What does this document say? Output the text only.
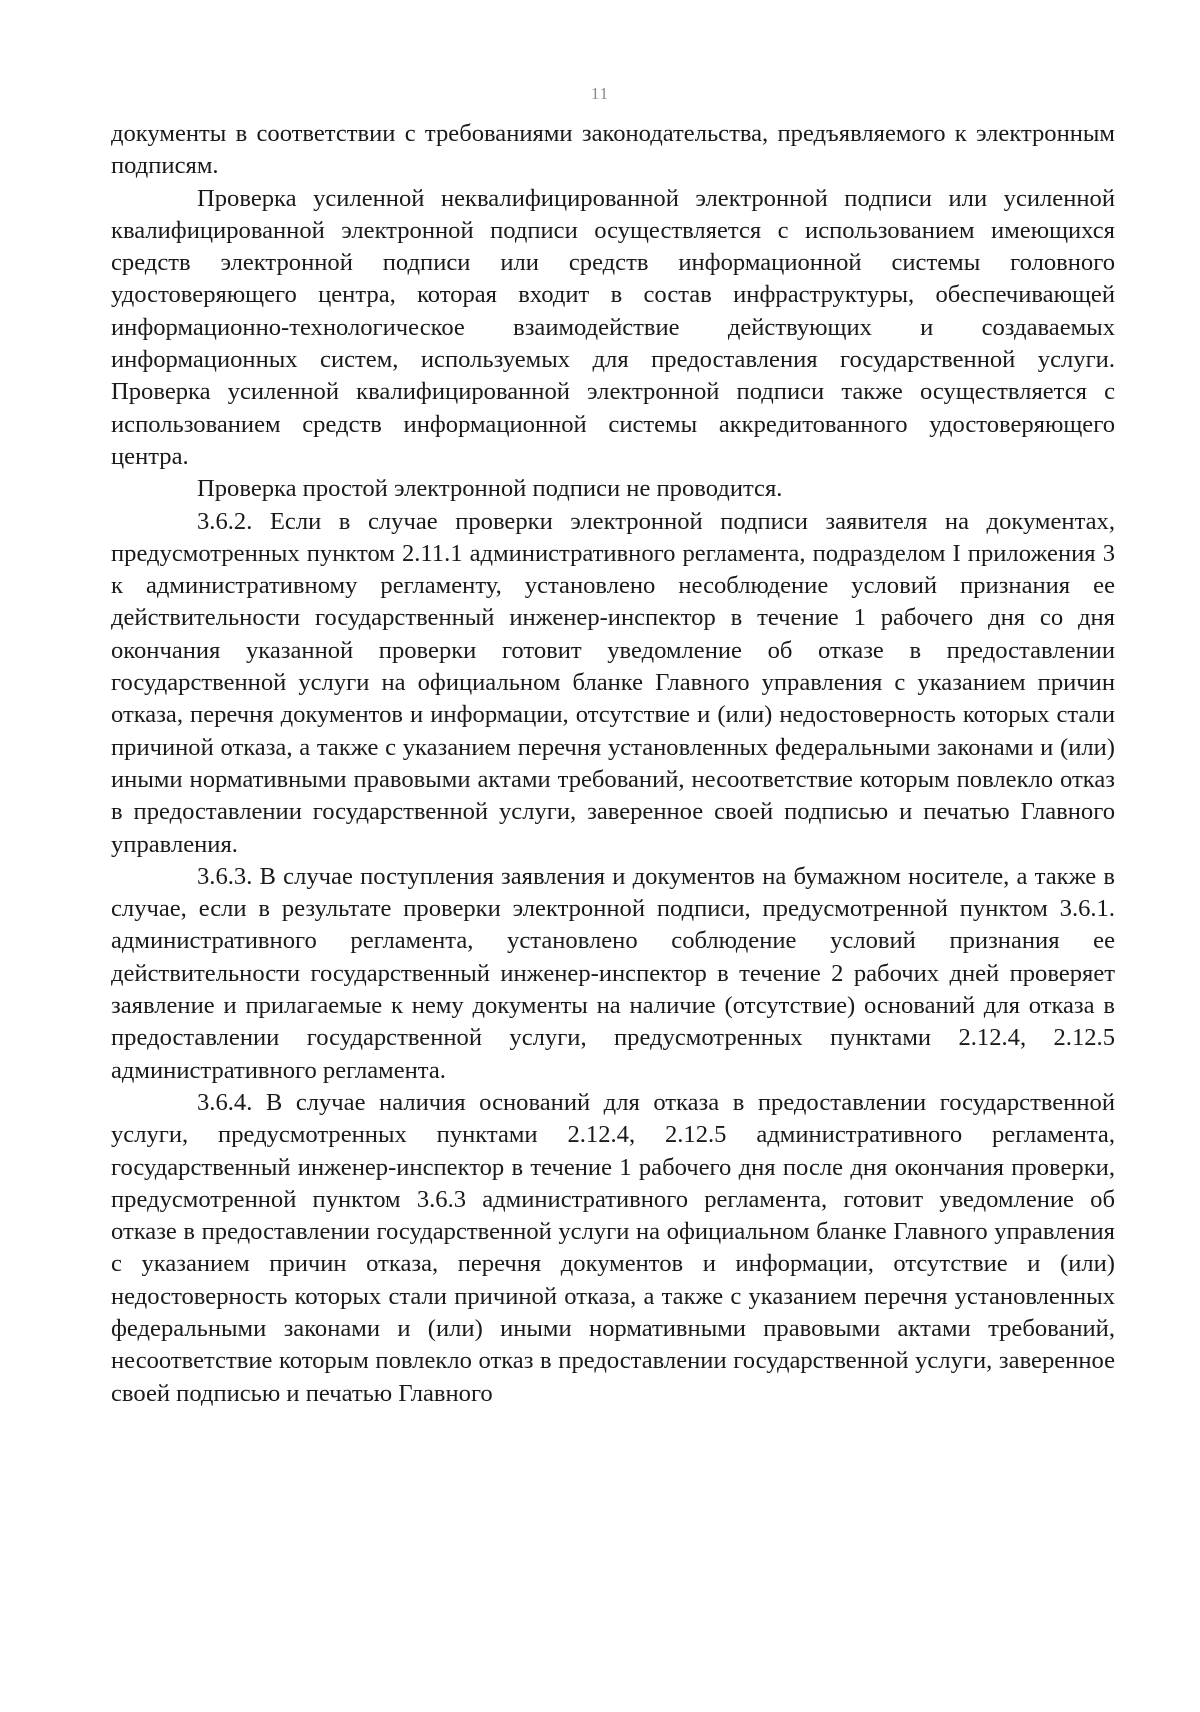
11

документы в соответствии с требованиями законодательства, предъявляемого к электронным подписям.

Проверка усиленной неквалифицированной электронной подписи или усиленной квалифицированной электронной подписи осуществляется с использованием имеющихся средств электронной подписи или средств информационной системы головного удостоверяющего центра, которая входит в состав инфраструктуры, обеспечивающей информационно-технологическое взаимодействие действующих и создаваемых информационных систем, используемых для предоставления государственной услуги. Проверка усиленной квалифицированной электронной подписи также осуществляется с использованием средств информационной системы аккредитованного удостоверяющего центра.

Проверка простой электронной подписи не проводится.

3.6.2. Если в случае проверки электронной подписи заявителя на документах, предусмотренных пунктом 2.11.1 административного регламента, подразделом I приложения 3 к административному регламенту, установлено несоблюдение условий признания ее действительности государственный инженер-инспектор в течение 1 рабочего дня со дня окончания указанной проверки готовит уведомление об отказе в предоставлении государственной услуги на официальном бланке Главного управления с указанием причин отказа, перечня документов и информации, отсутствие и (или) недостоверность которых стали причиной отказа, а также с указанием перечня установленных федеральными законами и (или) иными нормативными правовыми актами требований, несоответствие которым повлекло отказ в предоставлении государственной услуги, заверенное своей подписью и печатью Главного управления.

3.6.3. В случае поступления заявления и документов на бумажном носителе, а также в случае, если в результате проверки электронной подписи, предусмотренной пунктом 3.6.1. административного регламента, установлено соблюдение условий признания ее действительности государственный инженер-инспектор в течение 2 рабочих дней проверяет заявление и прилагаемые к нему документы на наличие (отсутствие) оснований для отказа в предоставлении государственной услуги, предусмотренных пунктами 2.12.4, 2.12.5 административного регламента.

3.6.4. В случае наличия оснований для отказа в предоставлении государственной услуги, предусмотренных пунктами 2.12.4, 2.12.5 административного регламента, государственный инженер-инспектор в течение 1 рабочего дня после дня окончания проверки, предусмотренной пунктом 3.6.3 административного регламента, готовит уведомление об отказе в предоставлении государственной услуги на официальном бланке Главного управления с указанием причин отказа, перечня документов и информации, отсутствие и (или) недостоверность которых стали причиной отказа, а также с указанием перечня установленных федеральными законами и (или) иными нормативными правовыми актами требований, несоответствие которым повлекло отказ в предоставлении государственной услуги, заверенное своей подписью и печатью Главного
